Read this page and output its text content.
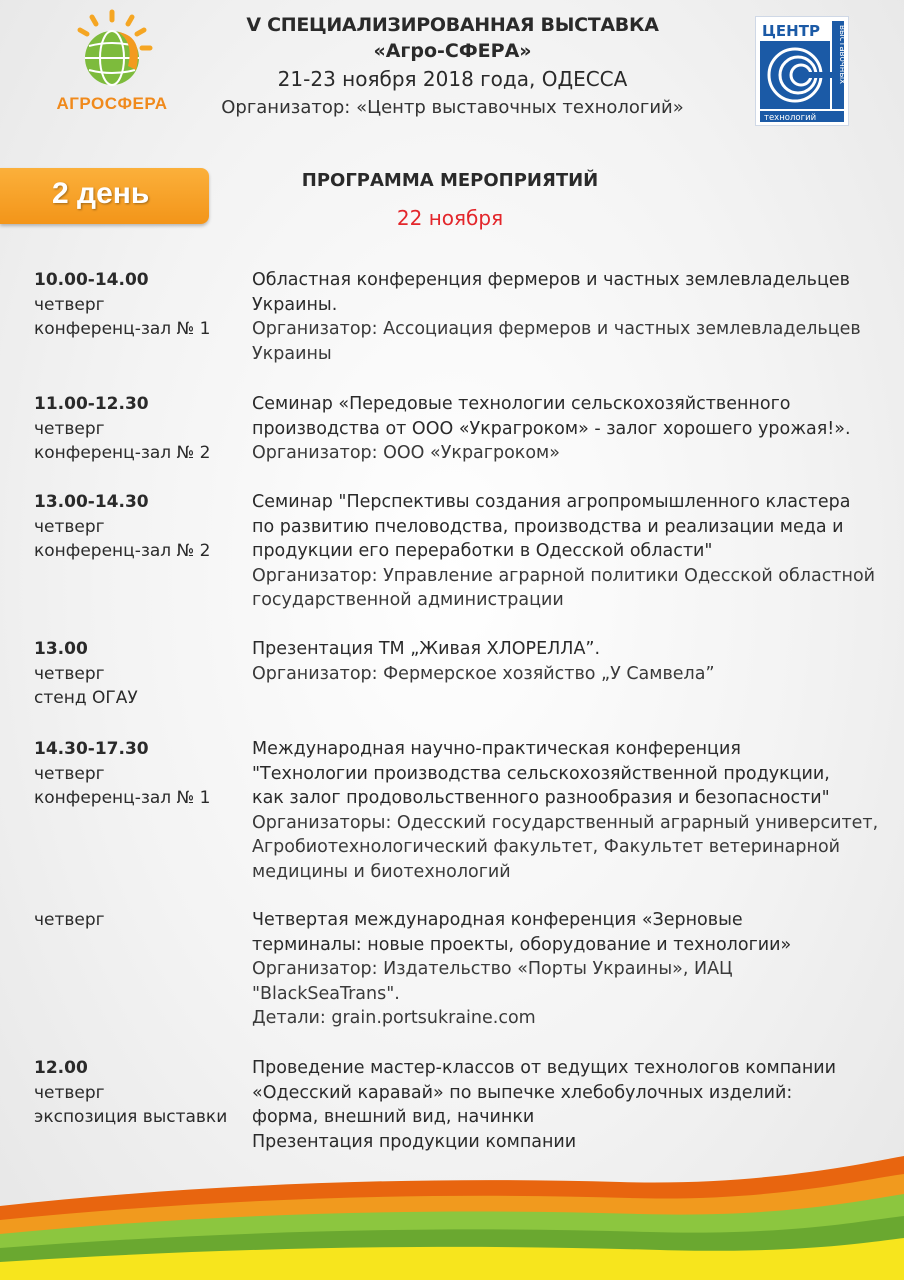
АГРОСФЕРА
V СПЕЦИАЛИЗИРОВАННАЯ ВЫСТАВКА
«Агро-СФЕРА»
21-23 ноября 2018 года, ОДЕССА
Организатор: «Центр выставочных технологий»
ЦЕНТР выставочных
технологий
2 день	ПРОГРАММА МЕРОПРИЯТИЙ
22 ноября
10.00-14.00
четверг
конференц-зал № 1
Областная конференция фермеров и частных землевладельцев
Украины.
Организатор: Ассоциация фермеров и частных землевладельцев
Украины
11.00-12.30
четверг
конференц-зал № 2
Семинар «Передовые технологии сельскохозяйственного
производства от ООО «Укрaгроком» - залог хорошего урожая!».
Организатор: ООО «Укрaгроком»
13.00-14.30
четверг
конференц-зал № 2
Семинар "Перспективы создания агропромышленного кластера
по развитию пчеловодства, производства и реализации меда и
продукции его переработки в Одесской области"
Организатор: Управление аграрной политики Одесской областной
государственной администрации
13.00
четверг
стенд ОГАУ
Презентация ТМ „Живая ХЛОРЕЛЛА”.
Организатор: Фермерское хозяйство „У Самвела”
14.30-17.30
четверг
конференц-зал № 1
Международная научно-практическая конференция
"Технологии производства сельскохозяйственной продукции,
как залог продовольственного разнообразия и безопасности"
Организаторы: Одесский государственный аграрный университет,
Агробиотехнологический факультет, Факультет ветеринарной
медицины и биотехнологий
четверг	Четвертая международная конференция «Зерновые
терминалы: новые проекты, оборудование и технологии»
Организатор: Издательство «Порты Украины», ИАЦ
"BlackSeaTrans".
Детали: grain.portsukraine.com
12.00
четверг
экспозиция выставки
Проведение мастер-классов от ведущих технологов компании
«Одесский каравай» по выпечке хлебобулочных изделий:
форма, внешний вид, начинки
Презентация продукции компании
